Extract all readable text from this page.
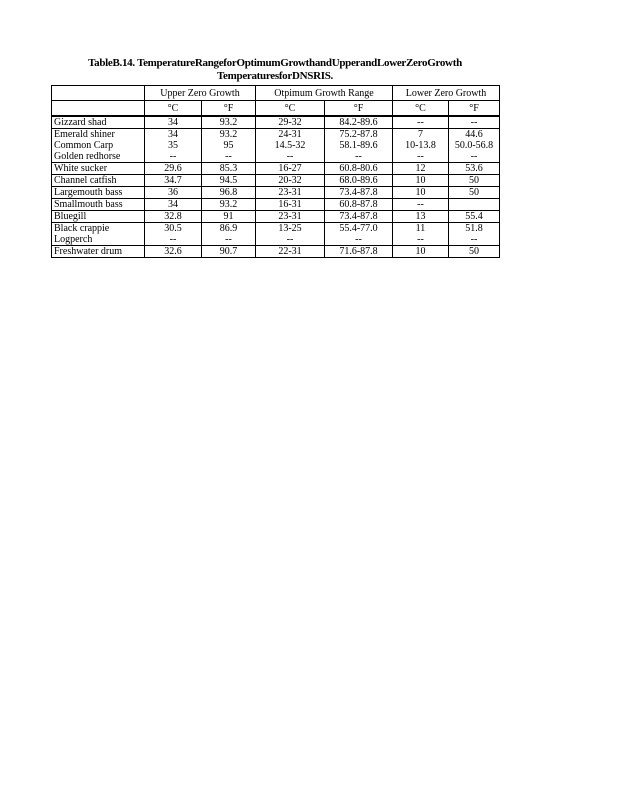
TableB.14. TemperatureRangeforOptimumGrowthandUpperandLowerZeroGrowth
TemperaturesforDNSRIS.
	Upper Zero Growth		Otpimum Growth Range		Lower Zero Growth	
	°C	°F	°C	°F	°C	°F
Gizzard shad	34	93.2	29-32	84.2-89.6	--	--
Emerald shiner	34	93.2	24-31	75.2-87.8	7	44.6
Common Carp	35	95	14.5-32	58.1-89.6	10-13.8	50.0-56.8
Golden redhorse	--	--	--	--	--	--
White sucker	29.6	85.3	16-27	60.8-80.6	12	53.6
Channel catfish	34.7	94.5	20-32	68.0-89.6	10	50
Largemouth bass	36	96.8	23-31	73.4-87.8	10	50
Smallmouth bass	34	93.2	16-31	60.8-87.8	--	
Bluegill	32.8	91	23-31	73.4-87.8	13	55.4
Black crappie	30.5	86.9	13-25	55.4-77.0	11	51.8
Logperch	--	--	--	--	--	--
Freshwater drum	32.6	90.7	22-31	71.6-87.8	10	50
